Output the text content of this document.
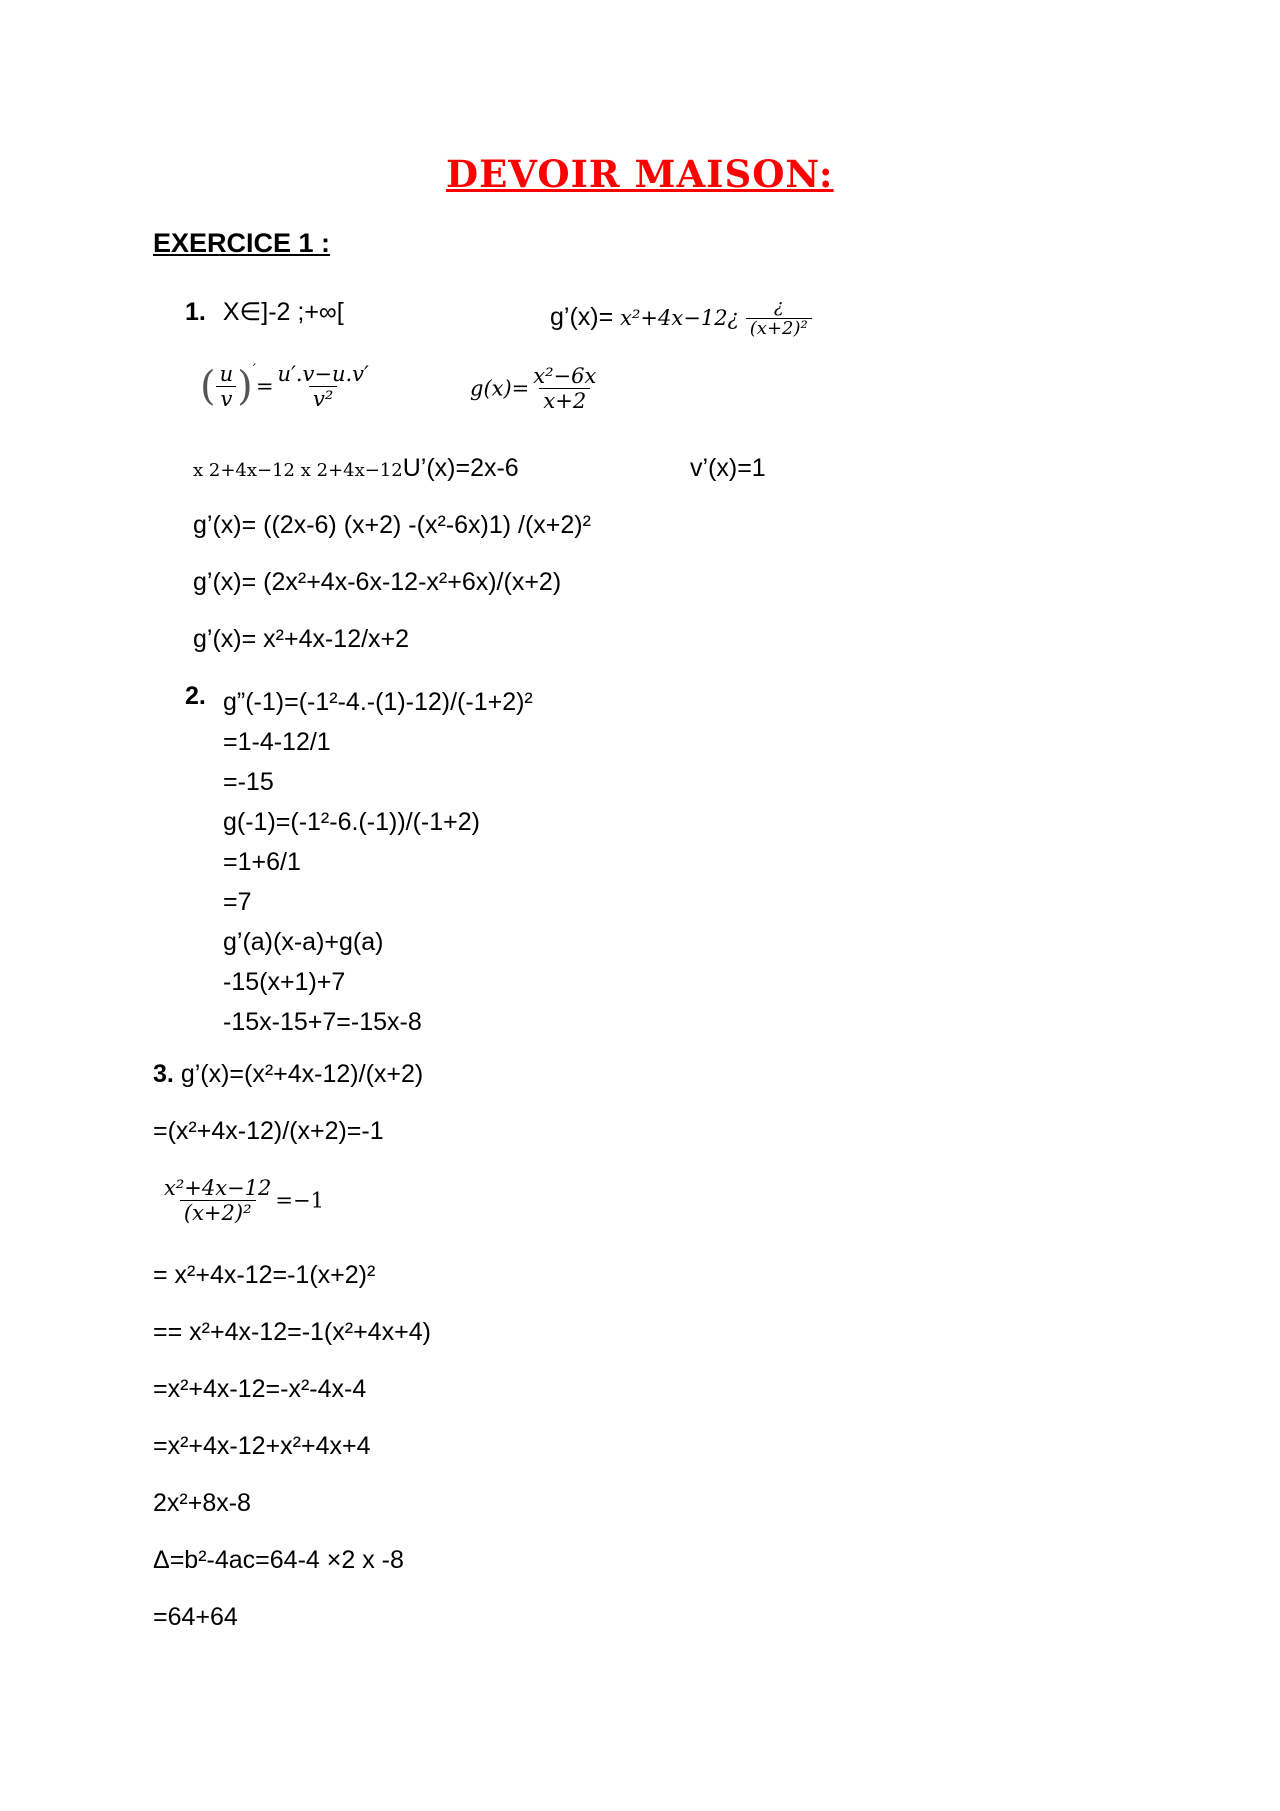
DEVOIR MAISON:
EXERCICE 1 :
1. X∈]-2 ;+∞[	g’(x)= x²+4x−12¿ $\frac{¿}{\text{(x+2)²}}$
( $\frac{u}{v} )'= \frac{u'.v-u.v'}{\text{v²}}$	$g(x)= \frac{\text{x²−6x}}{x+2}$
x 2+4x−12 x 2+4x−12U’(x)=2x-6	v’(x)=1
g’(x)= ((2x-6) (x+2) -(x²-6x)1) /(x+2)²
g’(x)= (2x²+4x-6x-12-x²+6x)/(x+2)
g’(x)= x²+4x-12/x+2
2. g”(-1)=(-1²-4.-(1)-12)/(-1+2)²
=1-4-12/1
=-15
g(-1)=(-1²-6.(-1))/(-1+2)
=1+6/1
=7
g’(a)(x-a)+g(a)
-15(x+1)+7
-15x-15+7=-15x-8
3. g’(x)=(x²+4x-12)/(x+2)
=(x²+4x-12)/(x+2)=-1
$\frac{\text{x²+4x−12}}{\text{(x+2)²}} =-1$
= x²+4x-12=-1(x+2)²
== x²+4x-12=-1(x²+4x+4)
=x²+4x-12=-x²-4x-4
=x²+4x-12+x²+4x+4
2x²+8x-8
Δ=b²-4ac=64-4 ×2 x -8
=64+64
